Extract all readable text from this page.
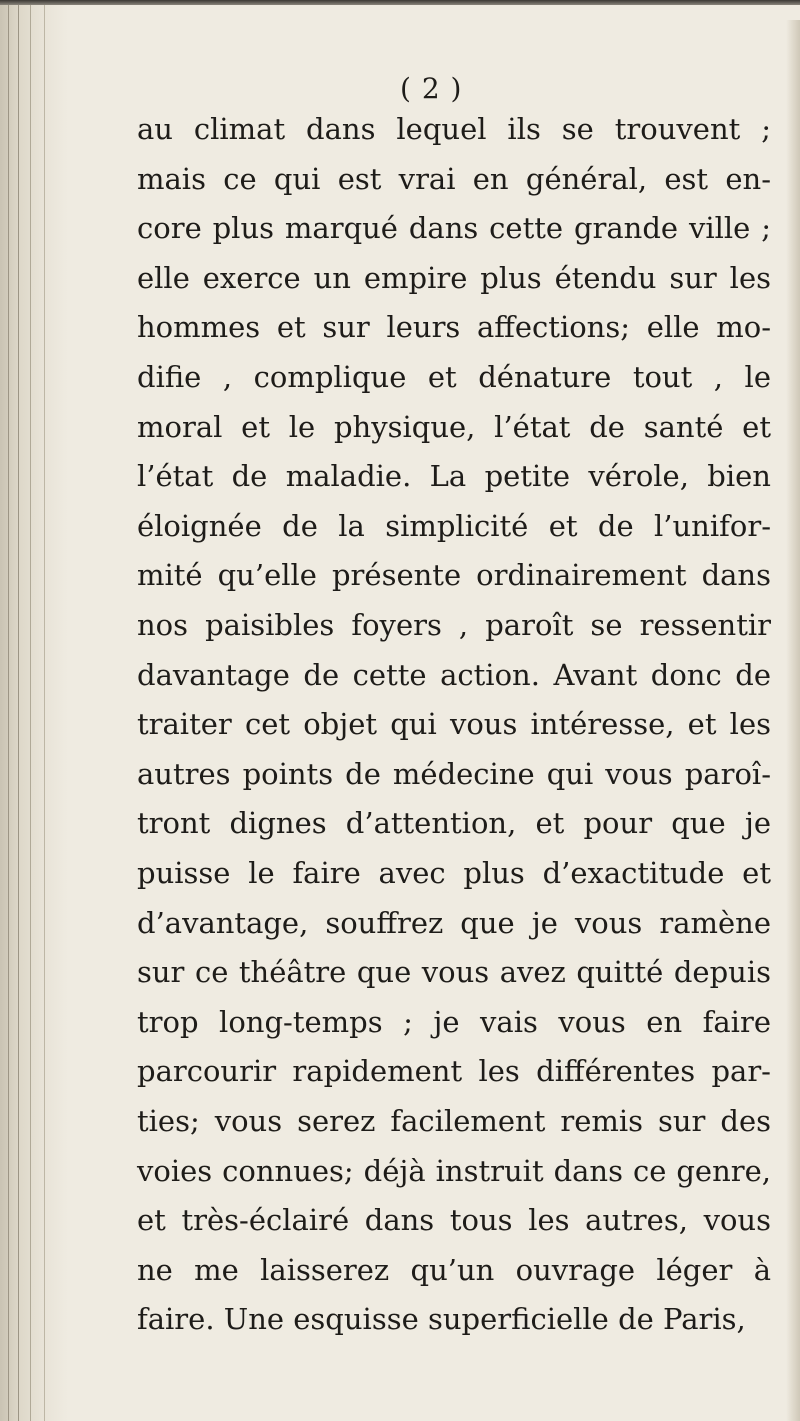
( 2 )
au climat dans lequel ils se trouvent ;
mais ce qui est vrai en général, est en-
core plus marqué dans cette grande ville ;
elle exerce un empire plus étendu sur les
hommes et sur leurs affections; elle mo-
difie , complique et dénature tout , le
moral et le physique, l’état de santé et
l’état de maladie. La petite vérole, bien
éloignée de la simplicité et de l’unifor-
mité qu’elle présente ordinairement dans
nos paisibles foyers , paroît se ressentir
davantage de cette action. Avant donc de
traiter cet objet qui vous intéresse, et les
autres points de médecine qui vous paroî-
tront dignes d’attention, et pour que je
puisse le faire avec plus d’exactitude et
d’avantage, souffrez que je vous ramène
sur ce théâtre que vous avez quitté depuis
trop long-temps ; je vais vous en faire
parcourir rapidement les différentes par-
ties; vous serez facilement remis sur des
voies connues; déjà instruit dans ce genre,
et très-éclairé dans tous les autres, vous
ne me laisserez qu’un ouvrage léger à
faire. Une esquisse superficielle de Paris,
